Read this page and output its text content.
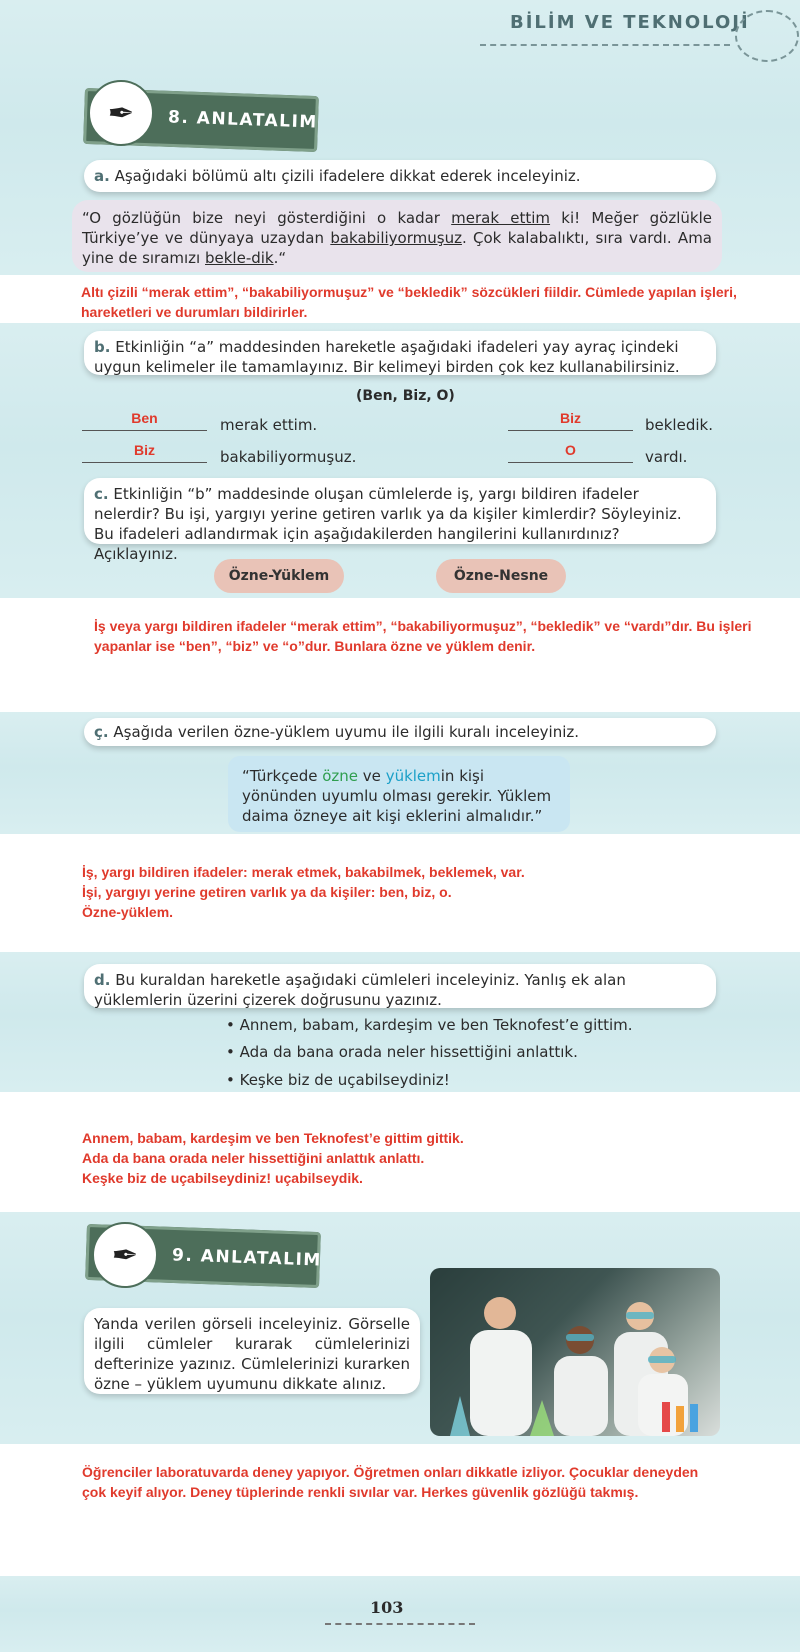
BİLİM VE TEKNOLOJİ
✒	8. ANLATALIM
a. Aşağıdaki bölümü altı çizili ifadelere dikkat ederek inceleyiniz.
“O gözlüğün bize neyi gösterdiğini o kadar merak ettim ki! Meğer gözlükle Türkiye’ye ve dünyaya uzaydan bakabiliyormuşuz. Çok kalabalıktı, sıra vardı. Ama yine de sıramızı bekle-dik.“
Altı çizili “merak ettim”, “bakabiliyormuşuz” ve “bekledik” sözcükleri fiildir. Cümlede yapılan işleri, hareketleri ve durumları bildirirler.
b. Etkinliğin “a” maddesinden hareketle aşağıdaki ifadeleri yay ayraç içindeki uygun kelimeler ile tamamlayınız. Bir kelimeyi birden çok kez kullanabilirsiniz.
(Ben, Biz, O)
Ben	merak ettim.	Biz	bekledik.
Biz	bakabiliyormuşuz.	O	vardı.
c. Etkinliğin “b” maddesinde oluşan cümlelerde iş, yargı bildiren ifadeler nelerdir? Bu işi, yargıyı yerine getiren varlık ya da kişiler kimlerdir? Söyleyiniz. Bu ifadeleri adlandırmak için aşağıdakilerden hangilerini kullanırdınız? Açıklayınız.
Özne-Yüklem	Özne-Nesne
İş veya yargı bildiren ifadeler “merak ettim”, “bakabiliyormuşuz”, “bekledik” ve “vardı”dır. Bu işleri yapanlar ise “ben”, “biz” ve “o”dur. Bunlara özne ve yüklem denir.
ç. Aşağıda verilen özne-yüklem uyumu ile ilgili kuralı inceleyiniz.
“Türkçede özne ve yüklemin kişi yönünden uyumlu olması gerekir. Yüklem daima özneye ait kişi eklerini almalıdır.”
İş, yargı bildiren ifadeler: merak etmek, bakabilmek, beklemek, var.
İşi, yargıyı yerine getiren varlık ya da kişiler: ben, biz, o.
Özne-yüklem.
d. Bu kuraldan hareketle aşağıdaki cümleleri inceleyiniz. Yanlış ek alan yüklemlerin üzerini çizerek doğrusunu yazınız.
• Annem, babam, kardeşim ve ben Teknofest’e gittim.
• Ada da bana orada neler hissettiğini anlattık.
• Keşke biz de uçabilseydiniz!
Annem, babam, kardeşim ve ben Teknofest’e gittim gittik.
Ada da bana orada neler hissettiğini anlattık anlattı.
Keşke biz de uçabilseydiniz! uçabilseydik.
✒	9. ANLATALIM
Yanda verilen görseli inceleyiniz. Görselle ilgili cümleler kurarak cümlelerinizi defterinize yazınız. Cümlelerinizi kurarken özne – yüklem uyumunu dikkate alınız.
Öğrenciler laboratuvarda deney yapıyor. Öğretmen onları dikkatle izliyor. Çocuklar deneyden çok keyif alıyor. Deney tüplerinde renkli sıvılar var. Herkes güvenlik gözlüğü takmış.
103
